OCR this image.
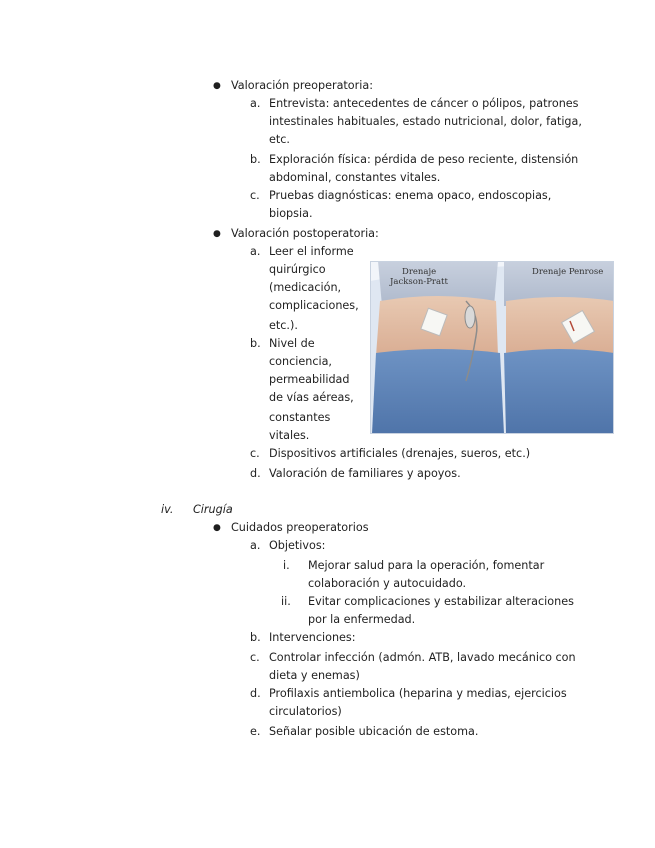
● Valoración preoperatoria:
a. Entrevista: antecedentes de cáncer o pólipos, patrones
intestinales habituales, estado nutricional, dolor, fatiga,
etc.
b. Exploración física: pérdida de peso reciente, distensión
abdominal, constantes vitales.
c. Pruebas diagnósticas: enema opaco, endoscopias,
biopsia.
● Valoración postoperatoria:
a. Leer el informe
quirúrgico
(medicación,
complicaciones,
etc.).
b. Nivel de
conciencia,
permeabilidad
de vías aéreas,
constantes
vitales.
c. Dispositivos artificiales (drenajes, sueros, etc.)
d. Valoración de familiares y apoyos.
Drenaje
Jackson-Pratt
Drenaje Penrose
iv. Cirugía
● Cuidados preoperatorios
a. Objetivos:
i. Mejorar salud para la operación, fomentar
colaboración y autocuidado.
ii. Evitar complicaciones y estabilizar alteraciones
por la enfermedad.
b. Intervenciones:
c. Controlar infección (admón. ATB, lavado mecánico con
dieta y enemas)
d. Profilaxis antiembolica (heparina y medias, ejercicios
circulatorios)
e. Señalar posible ubicación de estoma.
